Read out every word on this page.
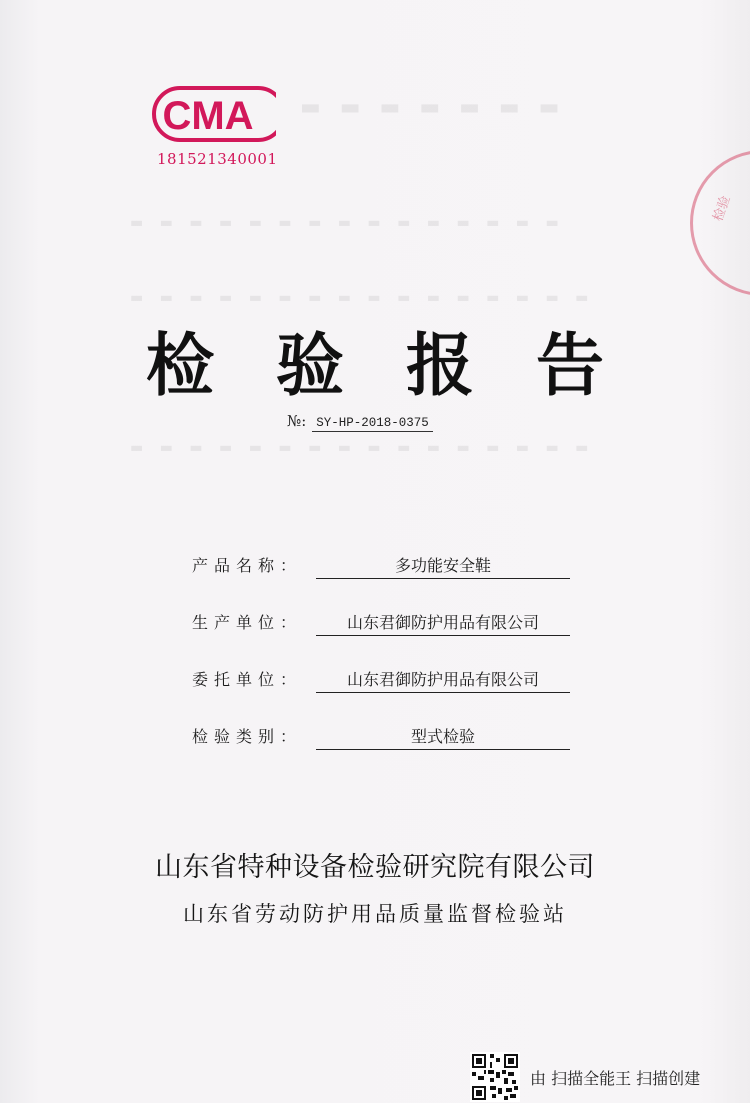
▬ ▬ ▬ ▬ ▬ ▬ ▬
▬ ▬ ▬ ▬ ▬ ▬ ▬ ▬ ▬ ▬ ▬ ▬ ▬ ▬ ▬
▬ ▬ ▬ ▬ ▬ ▬ ▬ ▬ ▬ ▬ ▬ ▬ ▬ ▬ ▬ ▬
▬ ▬ ▬ ▬ ▬ ▬ ▬ ▬ ▬ ▬ ▬ ▬ ▬ ▬ ▬ ▬
CMA
181521340001
检验
检验报告
№: SY-HP-2018-0375
产品名称：	多功能安全鞋
生产单位：	山东君御防护用品有限公司
委托单位：	山东君御防护用品有限公司
检验类别：	型式检验
山东省特种设备检验研究院有限公司
山东省劳动防护用品质量监督检验站
由 扫描全能王 扫描创建
